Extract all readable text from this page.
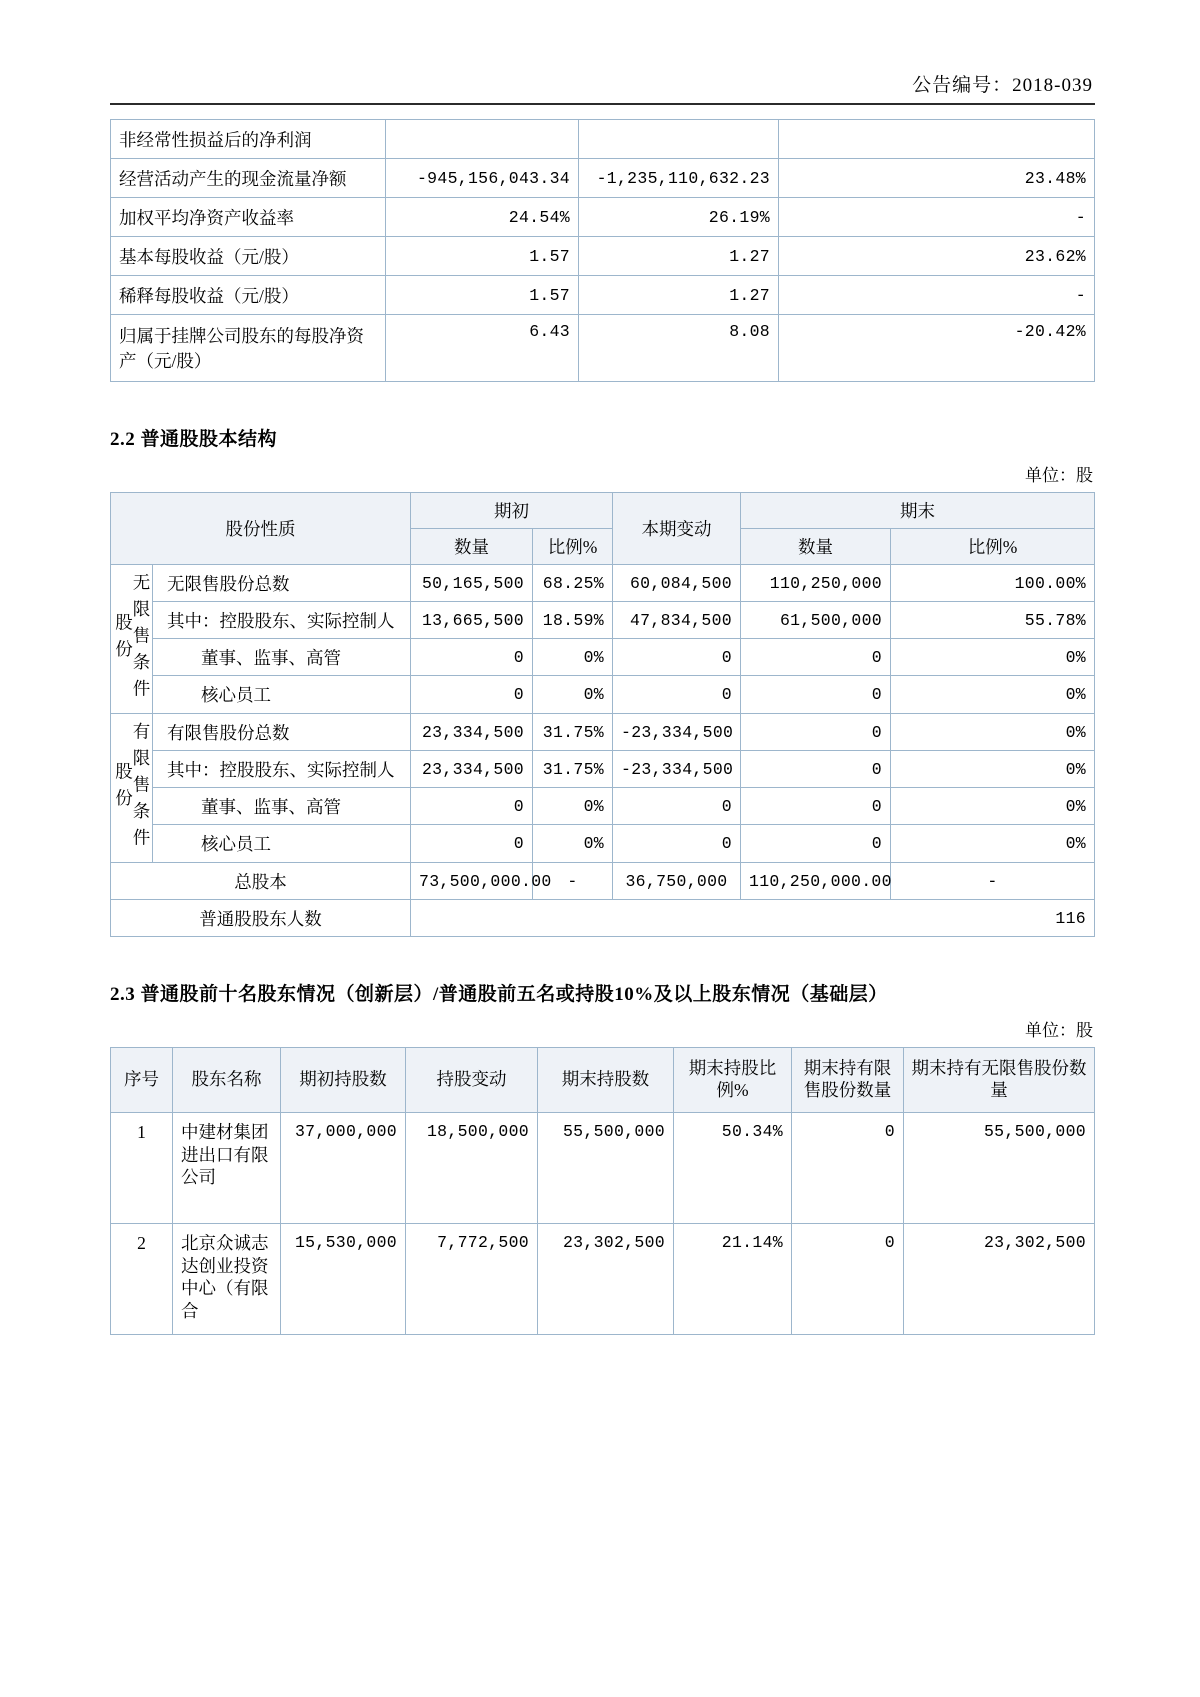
公告编号：2018-039
非经常性损益后的净利润			
经营活动产生的现金流量净额	-945,156,043.34	-1,235,110,632.23	23.48%
加权平均净资产收益率	24.54%	26.19%	-
基本每股收益（元/股）	1.57	1.27	23.62%
稀释每股收益（元/股）	1.57	1.27	-
归属于挂牌公司股东的每股净资产（元/股）	6.43	8.08	-20.42%
2.2 普通股股本结构
单位：股
股份性质		期初		本期变动	期末	
		数量	比例%		数量	比例%

无限售条件股份	无限售股份总数	50,165,500	68.25%	60,084,500	110,250,000	100.00%
	其中：控股股东、实际控制人	13,665,500	18.59%	47,834,500	61,500,000	55.78%
	董事、监事、高管	0	0%	0	0	0%
	核心员工	0	0%	0	0	0%

有限售条件股份	有限售股份总数	23,334,500	31.75%	-23,334,500	0	0%
	其中：控股股东、实际控制人	23,334,500	31.75%	-23,334,500	0	0%
	董事、监事、高管	0	0%	0	0	0%
	核心员工	0	0%	0	0	0%
总股本		73,500,000.00	-	36,750,000	110,250,000.00	-
普通股股东人数		116				
2.3 普通股前十名股东情况（创新层）/普通股前五名或持股10%及以上股东情况（基础层）
单位：股
序号	股东名称	期初持股数	持股变动	期末持股数	期末持股比例%	期末持有限售股份数量	期末持有无限售股份数量
1	中建材集团进出口有限公司	37,000,000	18,500,000	55,500,000	50.34%	0	55,500,000
2	北京众诚志达创业投资中心（有限合	15,530,000	7,772,500	23,302,500	21.14%	0	23,302,500
